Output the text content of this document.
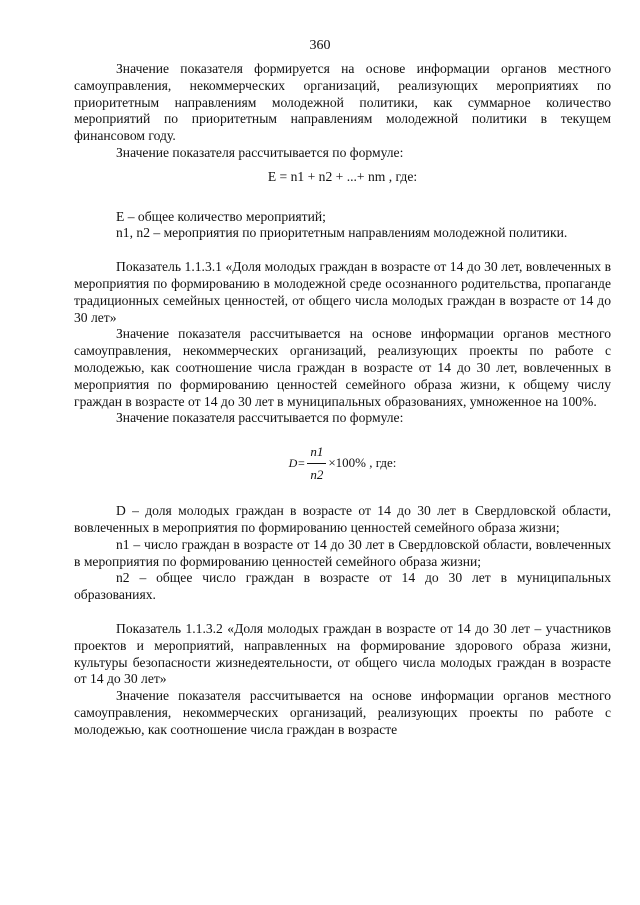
360

Значение показателя формируется на основе информации органов местного самоуправления, некоммерческих организаций, реализующих мероприятиях по приоритетным направлениям молодежной политики, как суммарное количество мероприятий по приоритетным направлениям молодежной политики в текущем финансовом году.

Значение показателя рассчитывается по формуле:

E = n1 + n2 + ...+ nm , где:

Е – общее количество мероприятий;

n1, n2 – мероприятия по приоритетным направлениям молодежной политики.

Показатель 1.1.3.1 «Доля молодых граждан в возрасте от 14 до 30 лет, вовлеченных в мероприятия по формированию в молодежной среде осознанного родительства, пропаганде традиционных семейных ценностей, от общего числа молодых граждан в возрасте от 14 до 30 лет»

Значение показателя рассчитывается на основе информации органов местного самоуправления, некоммерческих организаций, реализующих проекты по работе с молодежью, как соотношение числа граждан в возрасте от 14 до 30 лет, вовлеченных в мероприятия по формированию ценностей семейного образа жизни, к общему числу граждан в возрасте от 14 до 30 лет в муниципальных образованиях, умноженное на 100%.

Значение показателя рассчитывается по формуле:

$D= \frac{n1}{n2} \times 100\%$ , где:

D – доля молодых граждан в возрасте от 14 до 30 лет в Свердловской области, вовлеченных в мероприятия по формированию ценностей семейного образа жизни;

n1 – число граждан в возрасте от 14 до 30 лет в Свердловской области, вовлеченных в мероприятия по формированию ценностей семейного образа жизни;

n2 – общее число граждан в возрасте от 14 до 30 лет в муниципальных образованиях.

Показатель 1.1.3.2 «Доля молодых граждан в возрасте от 14 до 30 лет – участников проектов и мероприятий, направленных на формирование здорового образа жизни, культуры безопасности жизнедеятельности, от общего числа молодых граждан в возрасте от 14 до 30 лет»

Значение показателя рассчитывается на основе информации органов местного самоуправления, некоммерческих организаций, реализующих проекты по работе с молодежью, как соотношение числа граждан в возрасте
